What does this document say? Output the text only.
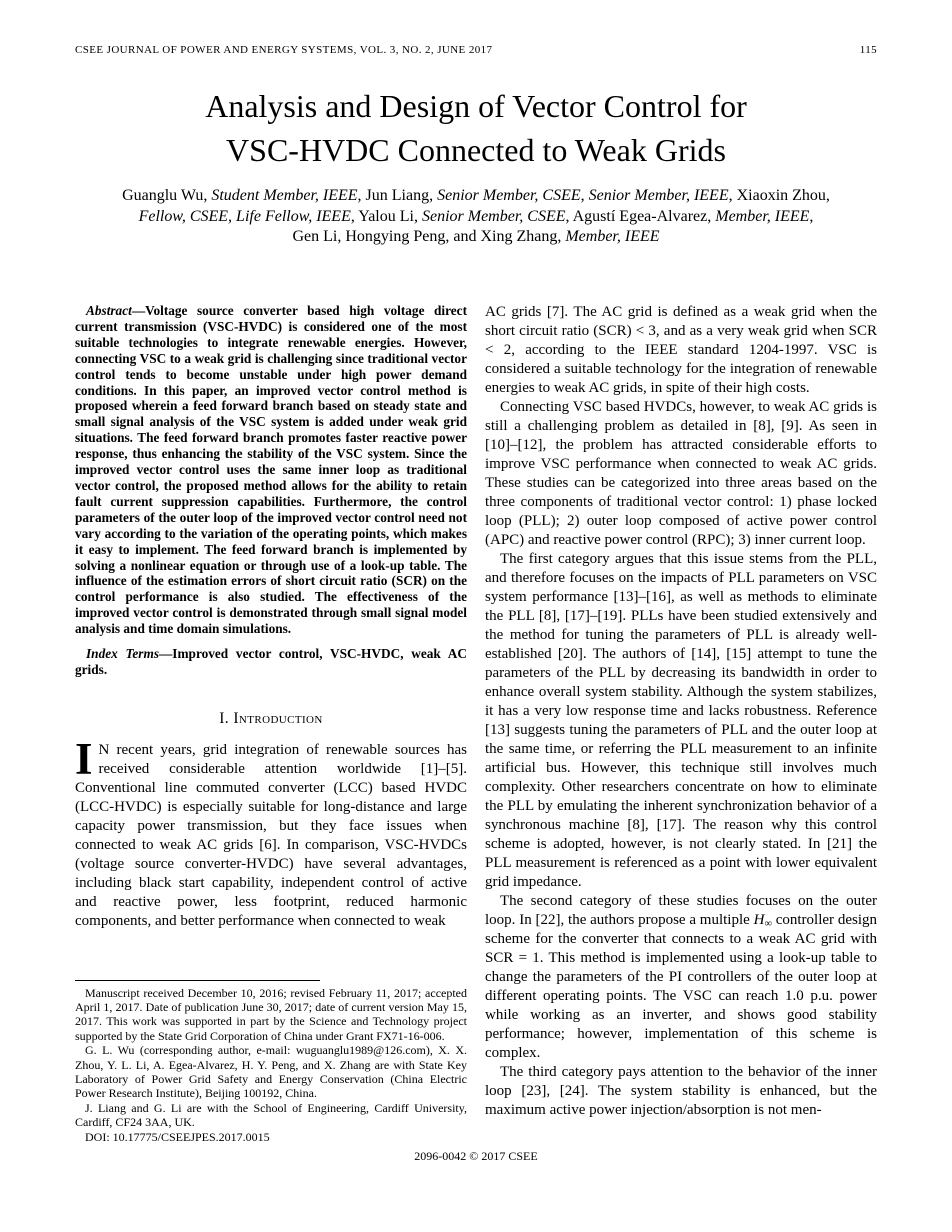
CSEE JOURNAL OF POWER AND ENERGY SYSTEMS, VOL. 3, NO. 2, JUNE 2017	115
Analysis and Design of Vector Control for
VSC-HVDC Connected to Weak Grids
Guanglu Wu, Student Member, IEEE, Jun Liang, Senior Member, CSEE, Senior Member, IEEE, Xiaoxin Zhou,
Fellow, CSEE, Life Fellow, IEEE, Yalou Li, Senior Member, CSEE, Agustí Egea-Alvarez, Member, IEEE,
Gen Li, Hongying Peng, and Xing Zhang, Member, IEEE

Abstract—Voltage source converter based high voltage direct current transmission (VSC-HVDC) is considered one of the most suitable technologies to integrate renewable energies. However, connecting VSC to a weak grid is challenging since traditional vector control tends to become unstable under high power demand conditions. In this paper, an improved vector control method is proposed wherein a feed forward branch based on steady state and small signal analysis of the VSC system is added under weak grid situations. The feed forward branch promotes faster reactive power response, thus enhancing the stability of the VSC system. Since the improved vector control uses the same inner loop as traditional vector control, the proposed method allows for the ability to retain fault current suppression capabilities. Furthermore, the control parameters of the outer loop of the improved vector control need not vary according to the variation of the operating points, which makes it easy to implement. The feed forward branch is implemented by solving a nonlinear equation or through use of a look-up table. The influence of the estimation errors of short circuit ratio (SCR) on the control performance is also studied. The effectiveness of the improved vector control is demonstrated through small signal model analysis and time domain simulations.

Index Terms—Improved vector control, VSC-HVDC, weak AC grids.

I. Introduction

I N recent years, grid integration of renewable sources has received considerable attention worldwide [1]–[5]. Conventional line commuted converter (LCC) based HVDC (LCC-HVDC) is especially suitable for long-distance and large capacity power transmission, but they face issues when connected to weak AC grids [6]. In comparison, VSC-HVDCs (voltage source converter-HVDC) have several advantages, including black start capability, independent control of active and reactive power, less footprint, reduced harmonic components, and better performance when connected to weak

Manuscript received December 10, 2016; revised February 11, 2017; accepted April 1, 2017. Date of publication June 30, 2017; date of current version May 15, 2017. This work was supported in part by the Science and Technology project supported by the State Grid Corporation of China under Grant FX71-16-006.

G. L. Wu (corresponding author, e-mail: wuguanglu1989@126.com), X. X. Zhou, Y. L. Li, A. Egea-Alvarez, H. Y. Peng, and X. Zhang are with State Key Laboratory of Power Grid Safety and Energy Conservation (China Electric Power Research Institute), Beijing 100192, China.

J. Liang and G. Li are with the School of Engineering, Cardiff University, Cardiff, CF24 3AA, UK.

DOI: 10.17775/CSEEJPES.2017.0015

AC grids [7]. The AC grid is defined as a weak grid when the short circuit ratio (SCR) < 3, and as a very weak grid when SCR < 2, according to the IEEE standard 1204-1997. VSC is considered a suitable technology for the integration of renewable energies to weak AC grids, in spite of their high costs.

Connecting VSC based HVDCs, however, to weak AC grids is still a challenging problem as detailed in [8], [9]. As seen in [10]–[12], the problem has attracted considerable efforts to improve VSC performance when connected to weak AC grids. These studies can be categorized into three areas based on the three components of traditional vector control: 1) phase locked loop (PLL); 2) outer loop composed of active power control (APC) and reactive power control (RPC); 3) inner current loop.

The first category argues that this issue stems from the PLL, and therefore focuses on the impacts of PLL parameters on VSC system performance [13]–[16], as well as methods to eliminate the PLL [8], [17]–[19]. PLLs have been studied extensively and the method for tuning the parameters of PLL is already well-established [20]. The authors of [14], [15] attempt to tune the parameters of the PLL by decreasing its bandwidth in order to enhance overall system stability. Although the system stabilizes, it has a very low response time and lacks robustness. Reference [13] suggests tuning the parameters of PLL and the outer loop at the same time, or referring the PLL measurement to an infinite artificial bus. However, this technique still involves much complexity. Other researchers concentrate on how to eliminate the PLL by emulating the inherent synchronization behavior of a synchronous machine [8], [17]. The reason why this control scheme is adopted, however, is not clearly stated. In [21] the PLL measurement is referenced as a point with lower equivalent grid impedance.

The second category of these studies focuses on the outer loop. In [22], the authors propose a multiple H∞ controller design scheme for the converter that connects to a weak AC grid with SCR = 1. This method is implemented using a look-up table to change the parameters of the PI controllers of the outer loop at different operating points. The VSC can reach 1.0 p.u. power while working as an inverter, and shows good stability performance; however, implementation of this scheme is complex.

The third category pays attention to the behavior of the inner loop [23], [24]. The system stability is enhanced, but the maximum active power injection/absorption is not men-

2096-0042 © 2017 CSEE
